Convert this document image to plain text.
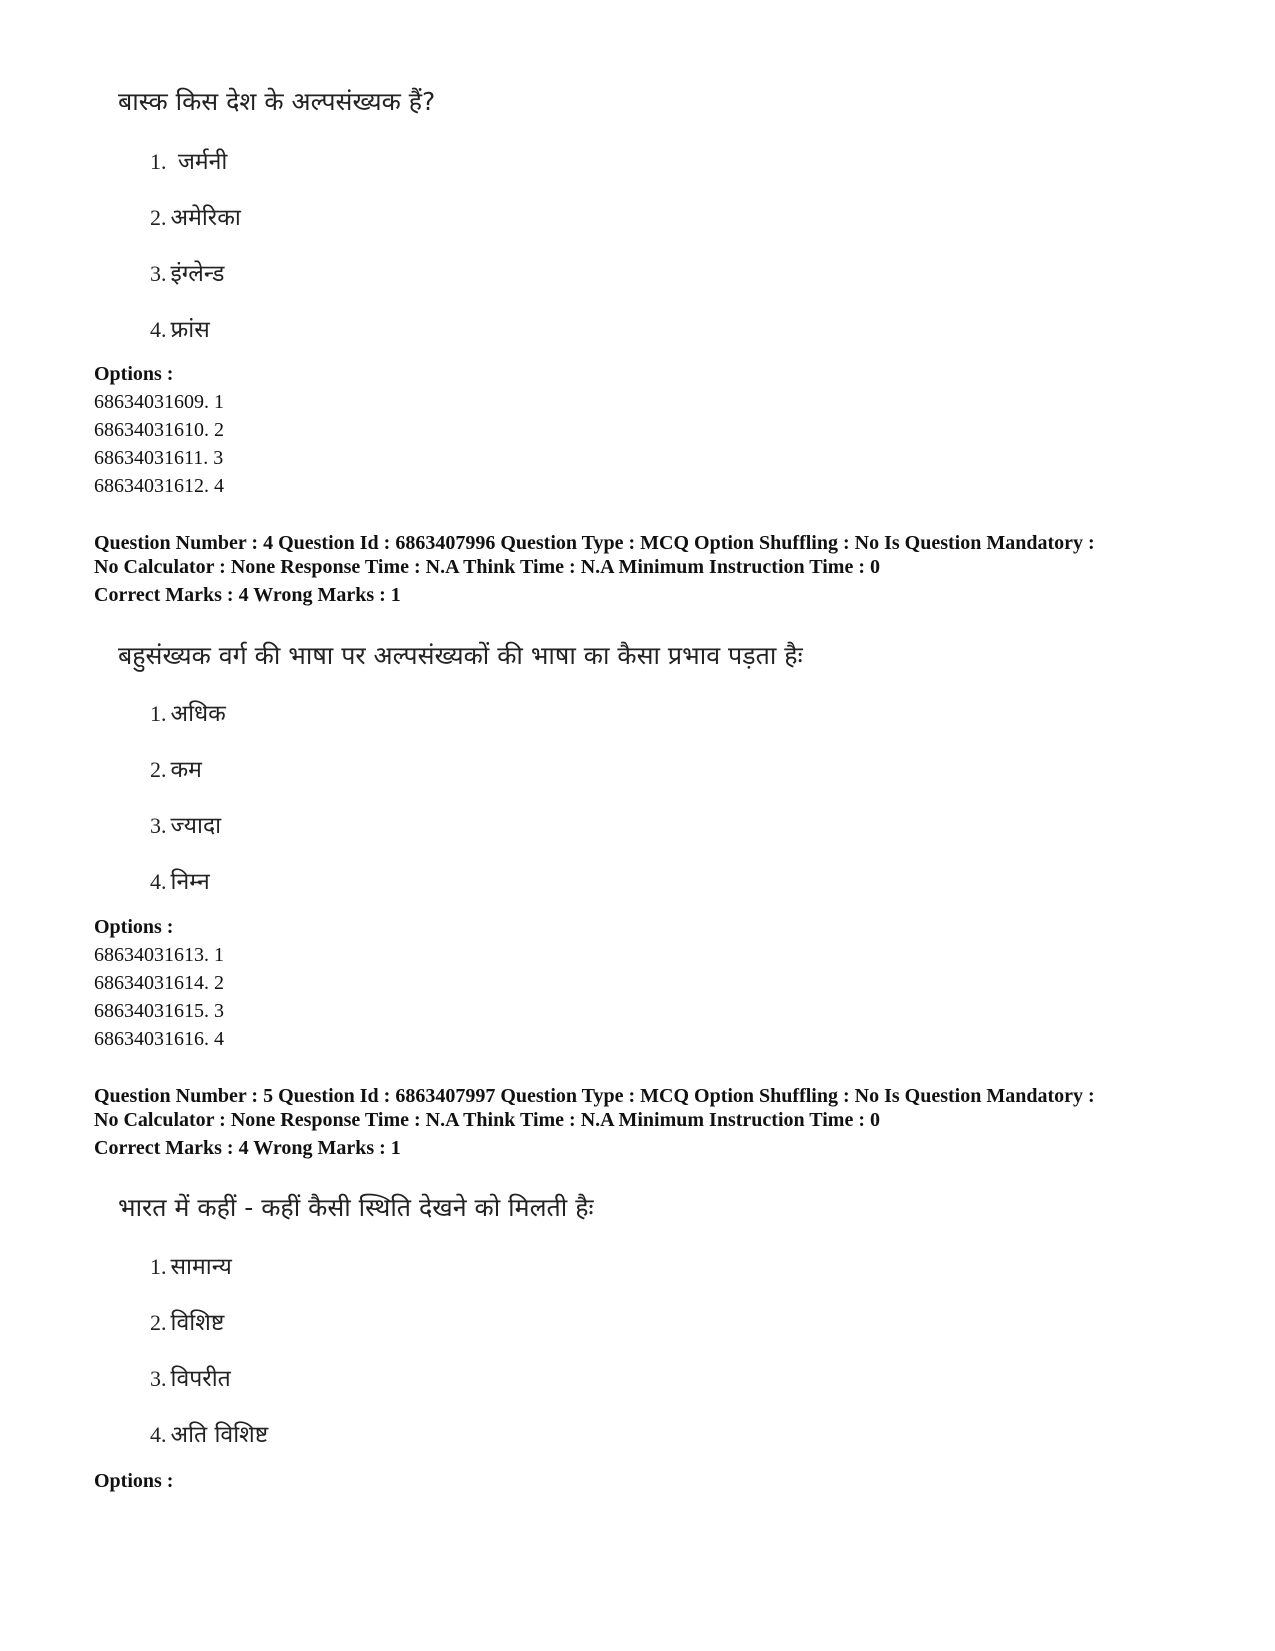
बास्क किस देश के अल्पसंख्यक हैं?
1. जर्मनी
2. अमेरिका
3. इंग्लेन्ड
4. फ्रांस
Options :
68634031609. 1
68634031610. 2
68634031611. 3
68634031612. 4
Question Number : 4 Question Id : 6863407996 Question Type : MCQ Option Shuffling : No Is Question Mandatory :
No Calculator : None Response Time : N.A Think Time : N.A Minimum Instruction Time : 0
Correct Marks : 4 Wrong Marks : 1
बहुसंख्यक वर्ग की भाषा पर अल्पसंख्यकों की भाषा का कैसा प्रभाव पड़ता हैः
1. अधिक
2. कम
3. ज्यादा
4. निम्न
Options :
68634031613. 1
68634031614. 2
68634031615. 3
68634031616. 4
Question Number : 5 Question Id : 6863407997 Question Type : MCQ Option Shuffling : No Is Question Mandatory :
No Calculator : None Response Time : N.A Think Time : N.A Minimum Instruction Time : 0
Correct Marks : 4 Wrong Marks : 1
भारत में कहीं - कहीं कैसी स्थिति देखने को मिलती हैः
1. सामान्य
2. विशिष्ट
3. विपरीत
4. अति विशिष्ट
Options :
